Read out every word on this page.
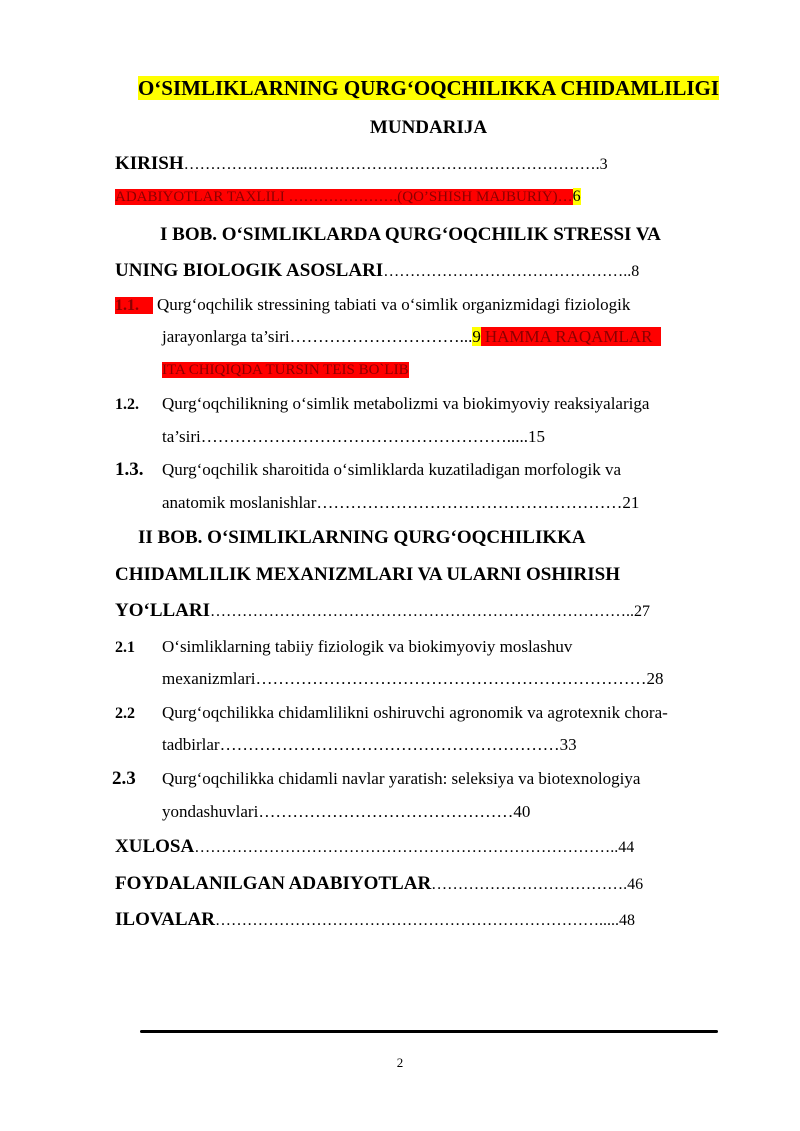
O‘SIMLIKLARNING QURG‘OQCHILIKKA CHIDAMLILIGI
MUNDARIJA
KIRISH…………………...……………………………………………….3
ADABIYOTLAR TAXLILI ………………….(QO’SHISH MAJBURIY)…6
I BOB. O‘SIMLIKLARDA QURG‘OQCHILIK STRESSI VA
UNING BIOLOGIK ASOSLARI………………………………………..8
1.1. Qurg‘oqchilik stressining tabiati va o‘simlik organizmidagi fiziologik
jarayonlarga ta’siri…………………………...9 HAMMA RAQAMLAR
ITA CHIQIQDA TURSIN TEIS BO`LIB
1.2. Qurg‘oqchilikning o‘simlik metabolizmi va biokimyoviy reaksiyalariga
ta’siri……………………………………………….....15
1.3. Qurg‘oqchilik sharoitida o‘simliklarda kuzatiladigan morfologik va
anatomik moslanishlar………………………………………………21
II BOB. O‘SIMLIKLARNING QURG‘OQCHILIKKA
CHIDAMLILIK MEXANIZMLARI VA ULARNI OSHIRISH
YO‘LLARI……………………………………………………………………..27
2.1 O‘simliklarning tabiiy fiziologik va biokimyoviy moslashuv
mexanizmlari……………………………………………………………28
2.2 Qurg‘oqchilikka chidamlilikni oshiruvchi agronomik va agrotexnik chora-
tadbirlar……………………………………………………33
2.3 Qurg‘oqchilikka chidamli navlar yaratish: seleksiya va biotexnologiya
yondashuvlari………………………………………40
XULOSA……………………………………………………………………..44
FOYDALANILGAN ADABIYOTLAR……………………………….46
ILOVALAR……………………………………………………………….....48
2
